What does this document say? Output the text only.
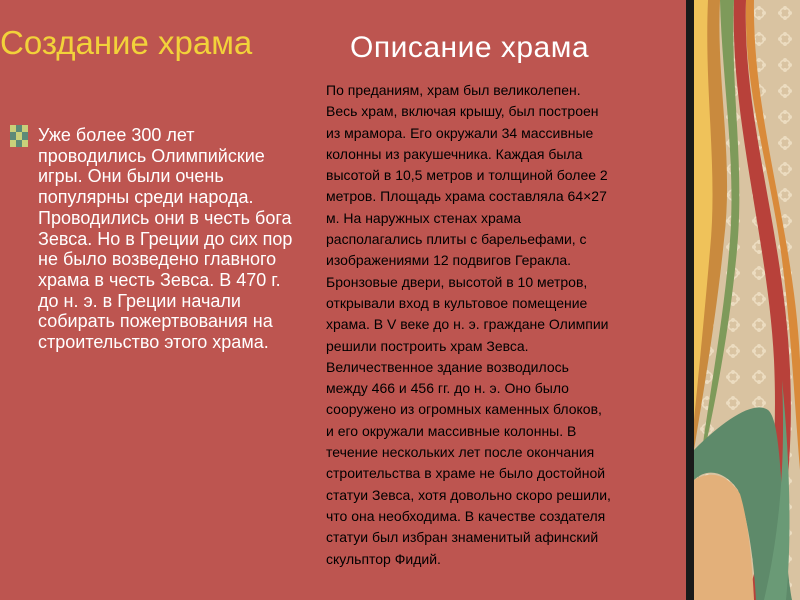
Создание храма	Описание храма

Уже более 300 лет проводились Олимпийские игры. Они были очень популярны среди народа. Проводились они в честь бога Зевса. Но в Греции до сих пор не было возведено главного храма в честь Зевса. В 470 г. до н. э. в Греции начали собирать пожертвования на строительство этого храма.

По преданиям, храм был великолепен.
Весь храм, включая крышу, был построен
из мрамора. Его окружали 34 массивные
колонны из ракушечника. Каждая была
высотой в 10,5 метров и толщиной более 2
метров. Площадь храма составляла 64×27
м. На наружных стенах храма
располагались плиты с барельефами, с
изображениями 12 подвигов Геракла.
Бронзовые двери, высотой в 10 метров,
открывали вход в культовое помещение
храма. В V веке до н. э. граждане Олимпии
решили построить храм Зевса.
Величественное здание возводилось
между 466 и 456 гг. до н. э. Оно было
сооружено из огромных каменных блоков,
и его окружали массивные колонны. В
течение нескольких лет после окончания
строительства в храме не было достойной
статуи Зевса, хотя довольно скоро решили,
что она необходима. В качестве создателя
статуи был избран знаменитый афинский
скульптор Фидий.
